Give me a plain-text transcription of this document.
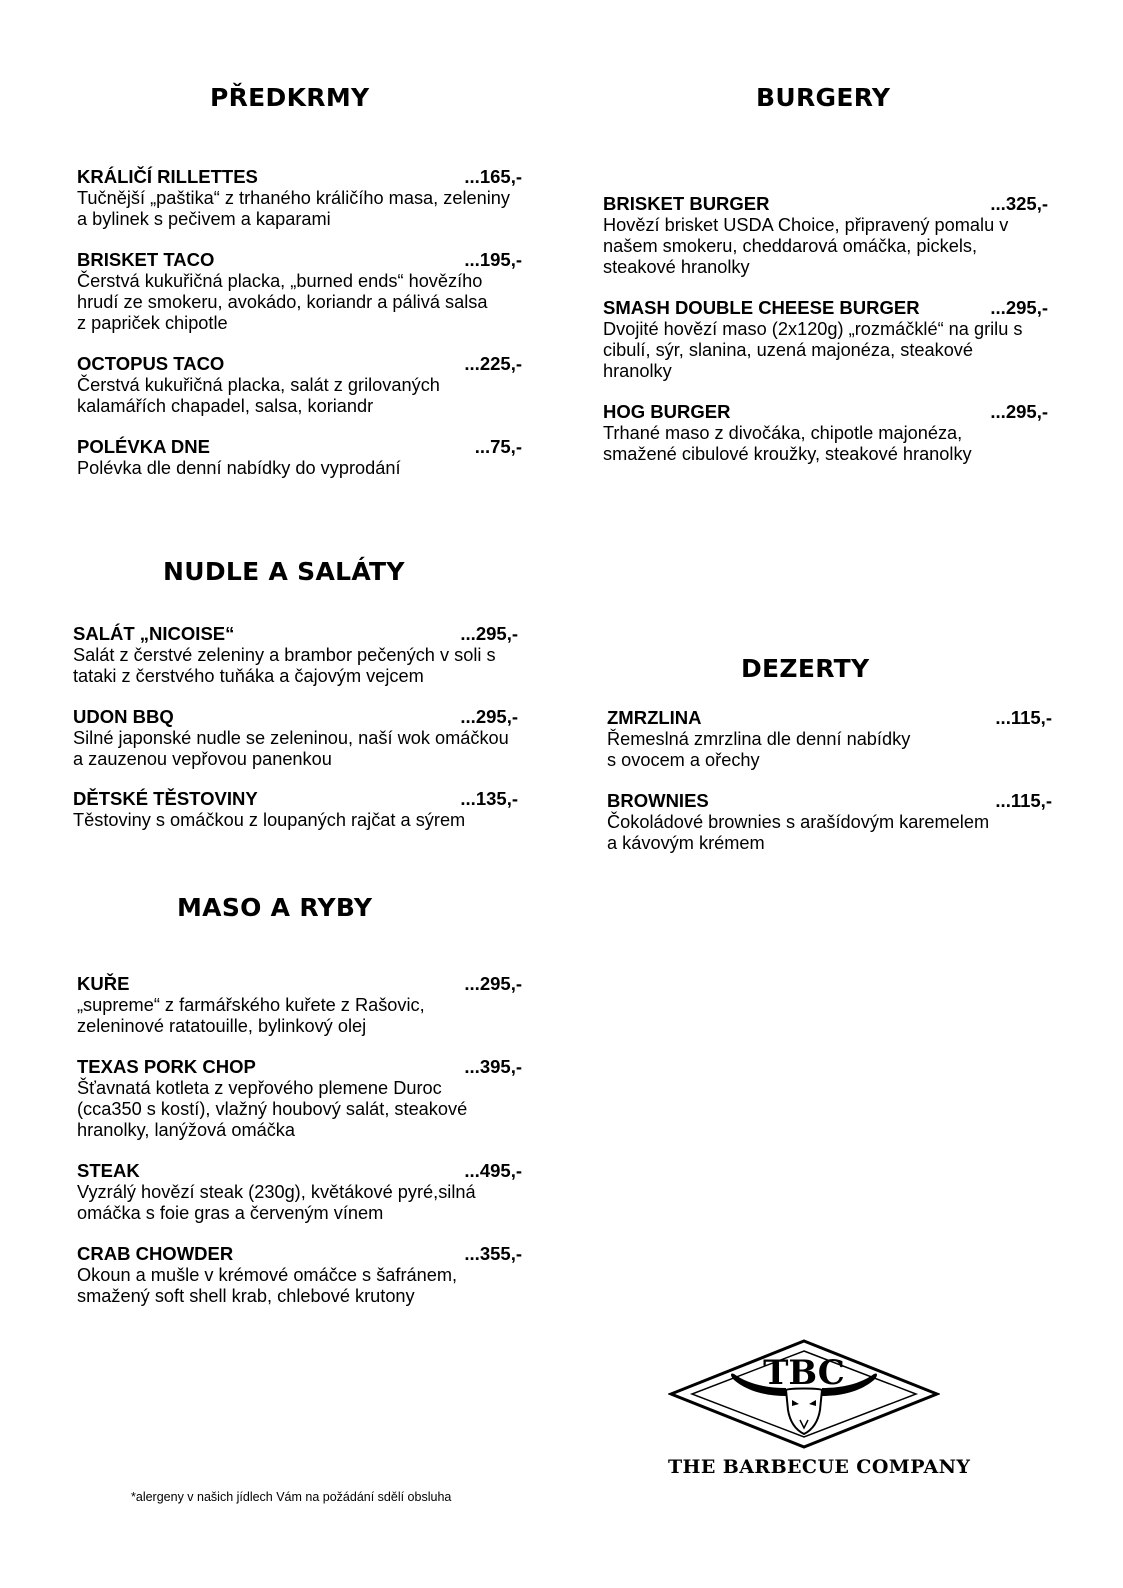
PŘEDKRMY
KRÁLIČÍ RILLETTES	...165,-
Tučnější „paštika“ z trhaného králičího masa, zeleniny
a bylinek s pečivem a kaparami
BRISKET TACO	...195,-
Čerstvá kukuřičná placka, „burned ends“ hovězího
hrudí ze smokeru, avokádo, koriandr a pálivá salsa
z papriček chipotle
OCTOPUS TACO	...225,-
Čerstvá kukuřičná placka, salát z grilovaných
kalamářích chapadel, salsa, koriandr
POLÉVKA DNE	...75,-
Polévka dle denní nabídky do vyprodání
BURGERY
BRISKET BURGER	...325,-
Hovězí brisket USDA Choice, připravený pomalu v
našem smokeru, cheddarová omáčka, pickels,
steakové hranolky
SMASH DOUBLE CHEESE BURGER	...295,-
Dvojité hovězí maso (2x120g) „rozmáčklé“ na grilu s
cibulí, sýr, slanina, uzená majonéza, steakové
hranolky
HOG BURGER	...295,-
Trhané maso z divočáka, chipotle majonéza,
smažené cibulové kroužky, steakové hranolky
NUDLE A SALÁTY
SALÁT „NICOISE“	...295,-
Salát z čerstvé zeleniny a brambor pečených v soli s
tataki z čerstvého tuňáka a čajovým vejcem
UDON BBQ	...295,-
Silné japonské nudle se zeleninou, naší wok omáčkou
a zauzenou vepřovou panenkou
DĚTSKÉ TĚSTOVINY	...135,-
Těstoviny s omáčkou z loupaných rajčat a sýrem
DEZERTY
ZMRZLINA	...115,-
Řemeslná zmrzlina dle denní nabídky
s ovocem a ořechy
BROWNIES	...115,-
Čokoládové brownies s arašídovým karemelem
a kávovým krémem
MASO A RYBY
KUŘE	...295,-
„supreme“ z farmářského kuřete z Rašovic,
zeleninové ratatouille, bylinkový olej
TEXAS PORK CHOP	...395,-
Šťavnatá kotleta z vepřového plemene Duroc
(cca350 s kostí), vlažný houbový salát, steakové
hranolky, lanýžová omáčka
STEAK	...495,-
Vyzrálý hovězí steak (230g), květákové pyré,silná
omáčka s foie gras a červeným vínem
CRAB CHOWDER	...355,-
Okoun a mušle v krémové omáčce s šafránem,
smažený soft shell krab, chlebové krutony
*alergeny v našich jídlech Vám na požádání sdělí obsluha
TBC
THE BARBECUE COMPANY
